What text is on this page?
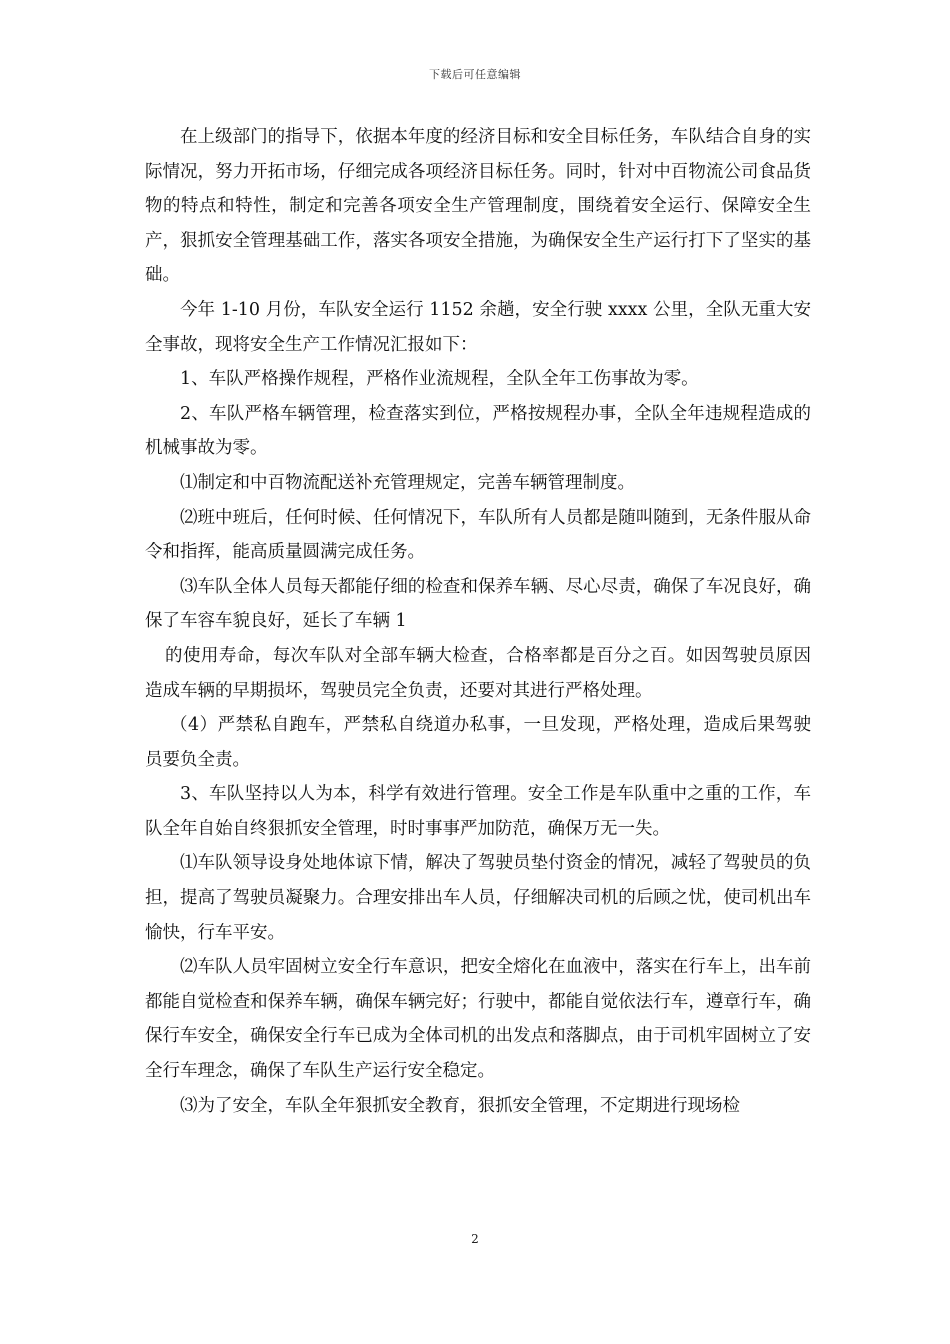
下载后可任意编辑

在上级部门的指导下，依据本年度的经济目标和安全目标任务，车队结合自身的实际情况，努力开拓市场，仔细完成各项经济目标任务。同时，针对中百物流公司食品货物的特点和特性，制定和完善各项安全生产管理制度，围绕着安全运行、保障安全生产，狠抓安全管理基础工作，落实各项安全措施，为确保安全生产运行打下了坚实的基础。

今年 1-10 月份，车队安全运行 1152 余趟，安全行驶 xxxx 公里，全队无重大安全事故，现将安全生产工作情况汇报如下：

1、车队严格操作规程，严格作业流规程，全队全年工伤事故为零。

2、车队严格车辆管理，检查落实到位，严格按规程办事，全队全年违规程造成的机械事故为零。

⑴制定和中百物流配送补充管理规定，完善车辆管理制度。

⑵班中班后，任何时候、任何情况下，车队所有人员都是随叫随到，无条件服从命令和指挥，能高质量圆满完成任务。

⑶车队全体人员每天都能仔细的检查和保养车辆、尽心尽责，确保了车况良好，确保了车容车貌良好，延长了车辆 1

的使用寿命，每次车队对全部车辆大检查，合格率都是百分之百。如因驾驶员原因造成车辆的早期损坏，驾驶员完全负责，还要对其进行严格处理。

（4）严禁私自跑车，严禁私自绕道办私事，一旦发现，严格处理，造成后果驾驶员要负全责。

3、车队坚持以人为本，科学有效进行管理。安全工作是车队重中之重的工作，车队全年自始自终狠抓安全管理，时时事事严加防范，确保万无一失。

⑴车队领导设身处地体谅下情，解决了驾驶员垫付资金的情况，减轻了驾驶员的负担，提高了驾驶员凝聚力。合理安排出车人员，仔细解决司机的后顾之忧，使司机出车愉快，行车平安。

⑵车队人员牢固树立安全行车意识，把安全熔化在血液中，落实在行车上，出车前都能自觉检查和保养车辆，确保车辆完好；行驶中，都能自觉依法行车，遵章行车，确保行车安全，确保安全行车已成为全体司机的出发点和落脚点，由于司机牢固树立了安全行车理念，确保了车队生产运行安全稳定。

⑶为了安全，车队全年狠抓安全教育，狠抓安全管理，不定期进行现场检

2
